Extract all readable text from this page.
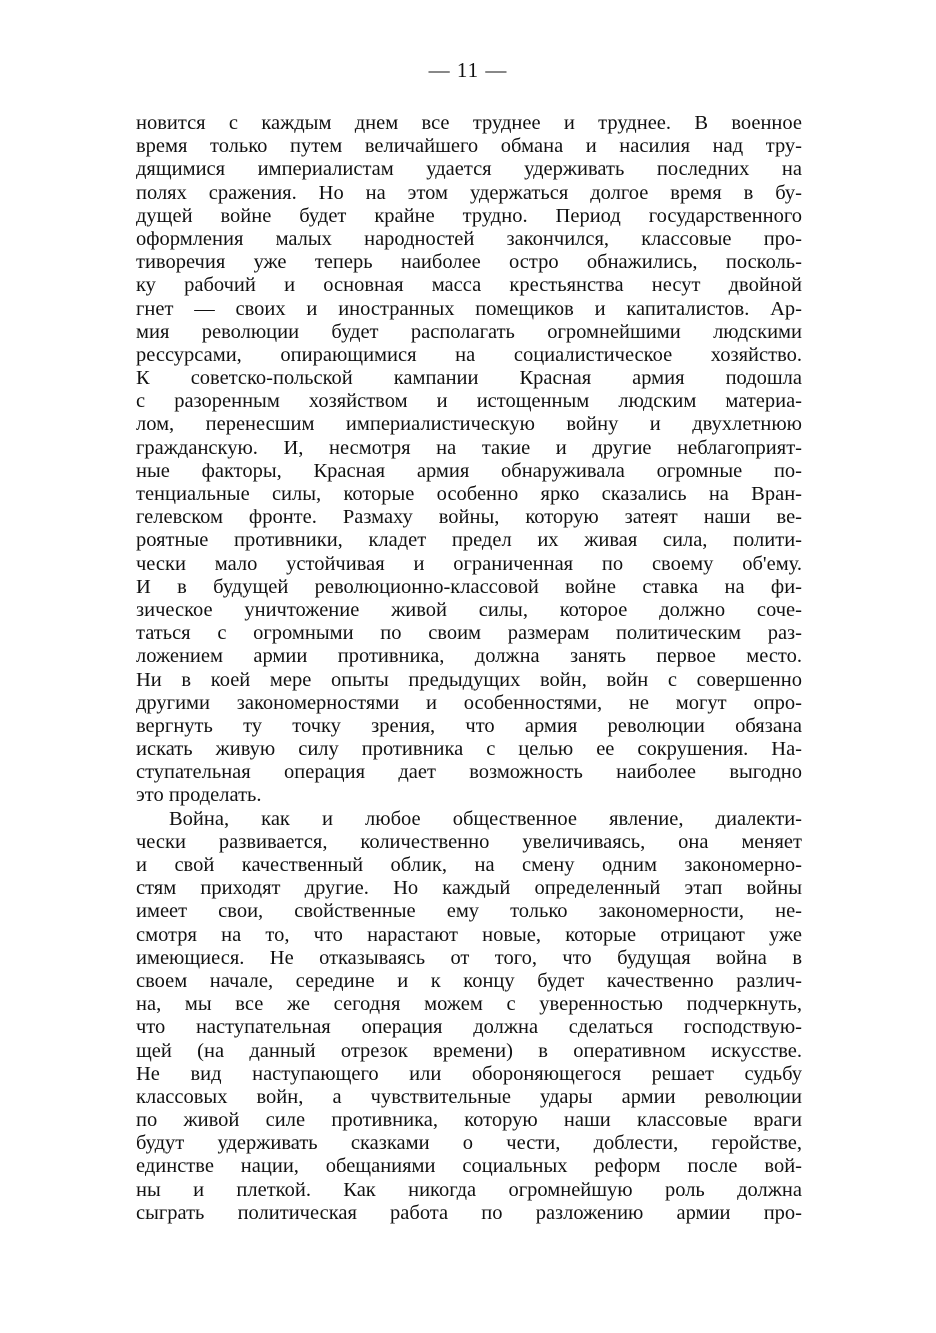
— 11 —
новится с каждым днем все труднее и труднее. В военное
время только путем величайшего обмана и насилия над тру-
дящимися империалистам удается удерживать последних на
полях сражения. Но на этом удержаться долгое время в бу-
дущей войне будет крайне трудно. Период государственного
оформления малых народностей закончился, классовые про-
тиворечия уже теперь наиболее остро обнажились, посколь-
ку рабочий и основная масса крестьянства несут двойной
гнет — своих и иностранных помещиков и капиталистов. Ар-
мия революции будет располагать огромнейшими людскими
рессурсами, опирающимися на социалистическое хозяйство.
К советско-польской кампании Красная армия подошла
с разоренным хозяйством и истощенным людским материа-
лом, перенесшим империалистическую войну и двухлетнюю
гражданскую. И, несмотря на такие и другие неблагоприят-
ные факторы, Красная армия обнаруживала огромные по-
тенциальные силы, которые особенно ярко сказались на Вран-
гелевском фронте. Размаху войны, которую затеят наши ве-
роятные противники, кладет предел их живая сила, полити-
чески мало устойчивая и ограниченная по своему об'ему.
И в будущей революционно-классовой войне ставка на фи-
зическое уничтожение живой силы, которое должно соче-
таться с огромными по своим размерам политическим раз-
ложением армии противника, должна занять первое место.
Ни в коей мере опыты предыдущих войн, войн с совершенно
другими закономерностями и особенностями, не могут опро-
вергнуть ту точку зрения, что армия революции обязана
искать живую силу противника с целью ее сокрушения. На-
ступательная операция дает возможность наиболее выгодно
это проделать.
Война, как и любое общественное явление, диалекти-
чески развивается, количественно увеличиваясь, она меняет
и свой качественный облик, на смену одним закономерно-
стям приходят другие. Но каждый определенный этап войны
имеет свои, свойственные ему только закономерности, не-
смотря на то, что нарастают новые, которые отрицают уже
имеющиеся. Не отказываясь от того, что будущая война в
своем начале, середине и к концу будет качественно различ-
на, мы все же сегодня можем с уверенностью подчеркнуть,
что наступательная операция должна сделаться господствую-
щей (на данный отрезок времени) в оперативном искусстве.
Не вид наступающего или обороняющегося решает судьбу
классовых войн, а чувствительные удары армии революции
по живой силе противника, которую наши классовые враги
будут удерживать сказками о чести, доблести, геройстве,
единстве нации, обещаниями социальных реформ после вой-
ны и плеткой. Как никогда огромнейшую роль должна
сыграть политическая работа по разложению армии про-
